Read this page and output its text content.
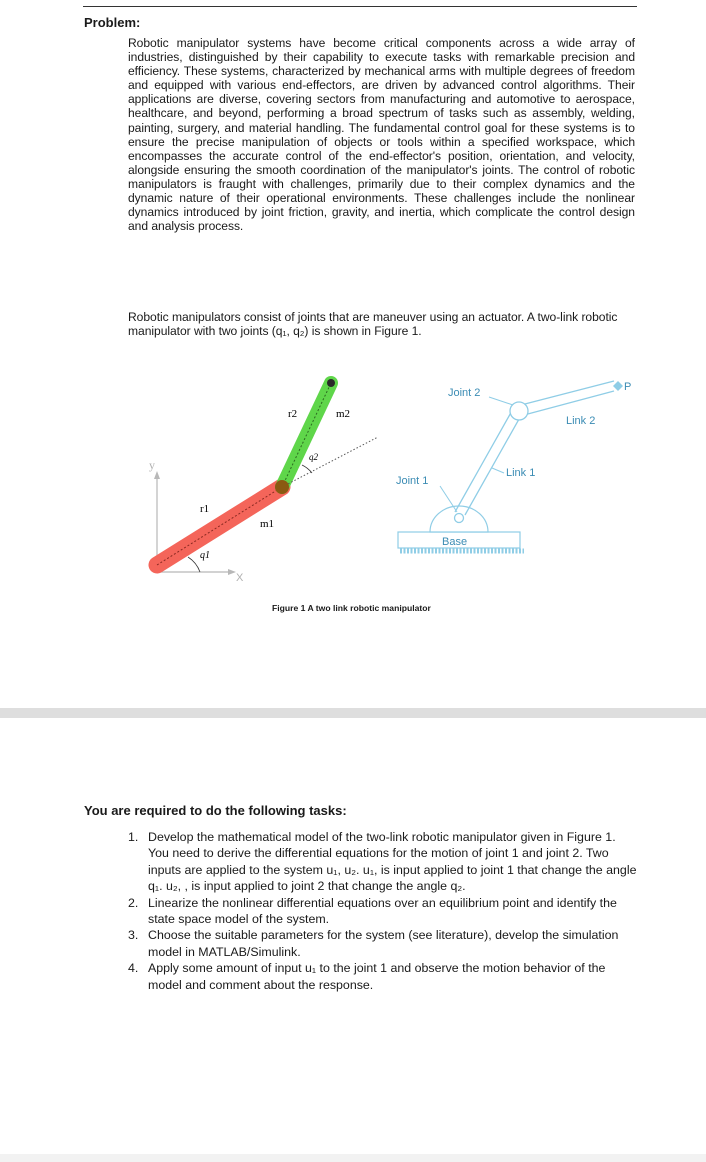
Problem:
Robotic manipulator systems have become critical components across a wide array of industries, distinguished by their capability to execute tasks with remarkable precision and efficiency. These systems, characterized by mechanical arms with multiple degrees of freedom and equipped with various end-effectors, are driven by advanced control algorithms. Their applications are diverse, covering sectors from manufacturing and automotive to aerospace, healthcare, and beyond, performing a broad spectrum of tasks such as assembly, welding, painting, surgery, and material handling. The fundamental control goal for these systems is to ensure the precise manipulation of objects or tools within a specified workspace, which encompasses the accurate control of the end-effector's position, orientation, and velocity, alongside ensuring the smooth coordination of the manipulator's joints. The control of robotic manipulators is fraught with challenges, primarily due to their complex dynamics and the dynamic nature of their operational environments. These challenges include the nonlinear dynamics introduced by joint friction, gravity, and inertia, which complicate the control design and analysis process.
Robotic manipulators consist of joints that are maneuver using an actuator. A two-link robotic manipulator with two joints (q₁, q₂) is shown in Figure 1.
y
X
r1
m1
r2	m2
q1
q2
Base
P
Joint 2
Joint 1
Link 1
Link 2
Figure 1 A two link robotic manipulator
You are required to do the following tasks:
1. Develop the mathematical model of the two-link robotic manipulator given in Figure 1. You need to derive the differential equations for the motion of joint 1 and joint 2. Two inputs are applied to the system u₁, u₂. u₁, is input applied to joint 1 that change the angle q₁. u₂, , is input applied to joint 2 that change the angle q₂.
2. Linearize the nonlinear differential equations over an equilibrium point and identify the state space model of the system.
3. Choose the suitable parameters for the system (see literature), develop the simulation model in MATLAB/Simulink.
4. Apply some amount of input u₁ to the joint 1 and observe the motion behavior of the model and comment about the response.
